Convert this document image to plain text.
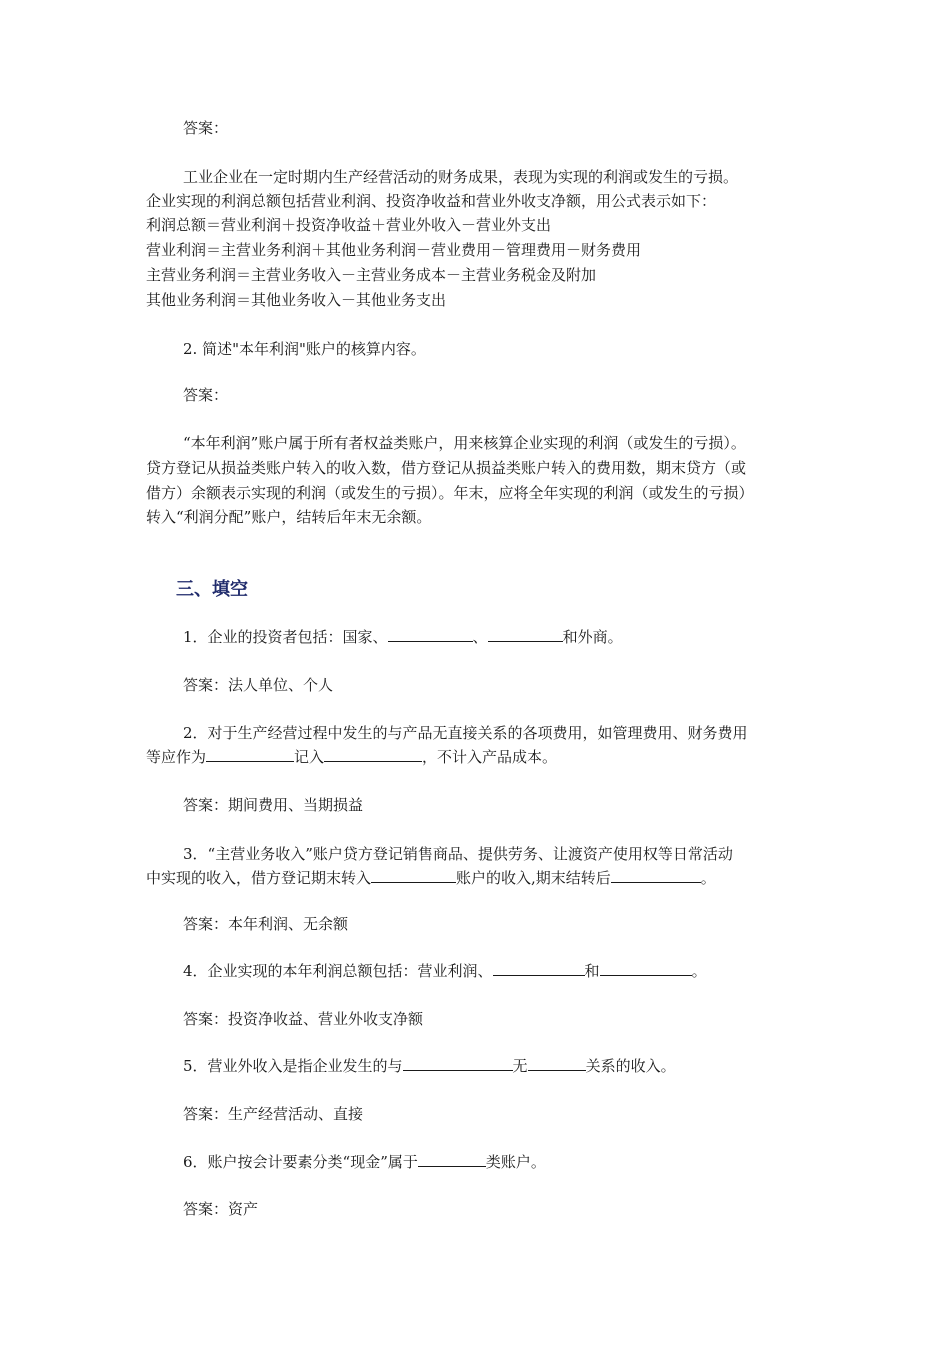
答案：
工业企业在一定时期内生产经营活动的财务成果，表现为实现的利润或发生的亏损。
企业实现的利润总额包括营业利润、投资净收益和营业外收支净额，用公式表示如下：
利润总额＝营业利润＋投资净收益＋营业外收入－营业外支出
营业利润＝主营业务利润＋其他业务利润－营业费用－管理费用－财务费用
主营业务利润＝主营业务收入－主营业务成本－主营业务税金及附加
其他业务利润＝其他业务收入－其他业务支出
2. 简述"本年利润"账户的核算内容。
答案：
“本年利润”账户属于所有者权益类账户，用来核算企业实现的利润（或发生的亏损）。
贷方登记从损益类账户转入的收入数，借方登记从损益类账户转入的费用数，期末贷方（或
借方）余额表示实现的利润（或发生的亏损）。年末，应将全年实现的利润（或发生的亏损）
转入“利润分配”账户，结转后年末无余额。
三、填空
1．企业的投资者包括：国家、	、	和外商。
答案：法人单位、个人
2．对于生产经营过程中发生的与产品无直接关系的各项费用，如管理费用、财务费用
等应作为	记入	，不计入产品成本。
答案：期间费用、当期损益
3．“主营业务收入”账户贷方登记销售商品、提供劳务、让渡资产使用权等日常活动
中实现的收入，借方登记期末转入	账户的收入,期末结转后	。
答案：本年利润、无余额
4．企业实现的本年利润总额包括：营业利润、	和	。
答案：投资净收益、营业外收支净额
5．营业外收入是指企业发生的与	无	关系的收入。
答案：生产经营活动、直接
6．账户按会计要素分类“现金”属于	类账户。
答案：资产
